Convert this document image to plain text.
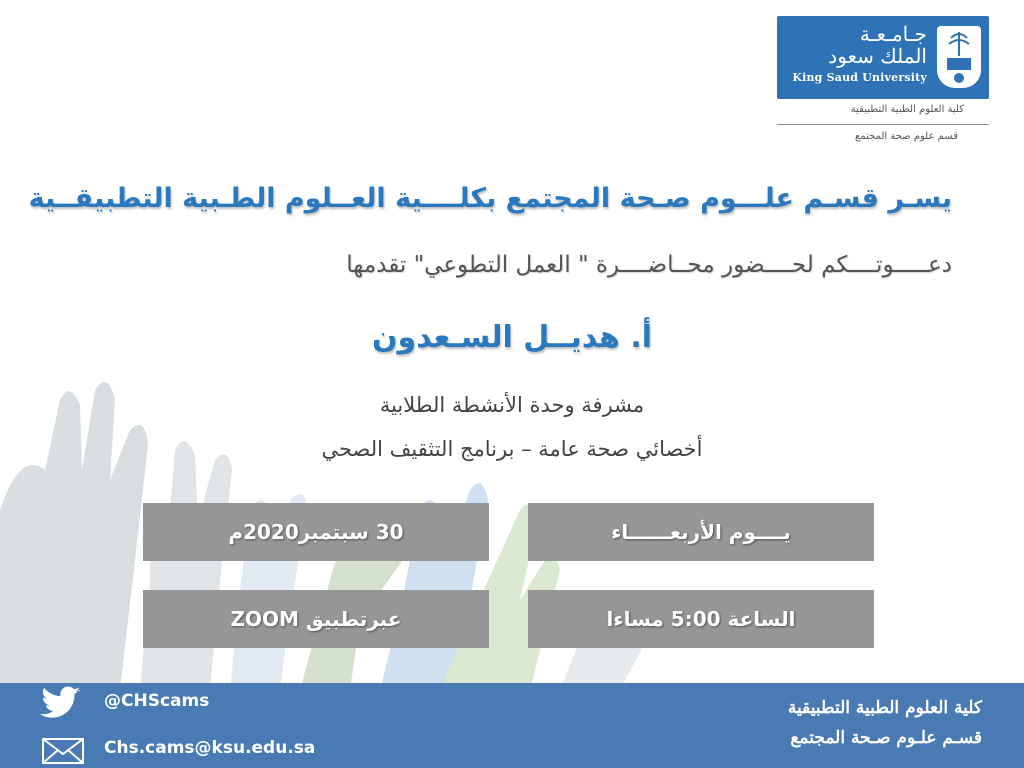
جـامـعـة
الملك سعود
King Saud University
كلية العلوم الطبية التطبيقية
قسم علوم صحة المجتمع
يسـر قسـم علـــوم صـحة المجتمع بكلــــية العــلوم الطـبية التطبيقــية
دعـــــوتــــكم لحــــضور محــاضــــرة " العمل التطوعي" تقدمها
أ. هديــل السـعدون
مشرفة وحدة الأنشطة الطلابية
أخصائي صحة عامة – برنامج التثقيف الصحي
يــــوم الأربعــــــاء
30 سبتمبر2020م
الساعة 5:00 مساءا
عبرتطبيق ZOOM
@CHScams
Chs.cams@ksu.edu.sa
كلية العلوم الطبية التطبيقية
قسـم علـوم صـحة المجتمع
